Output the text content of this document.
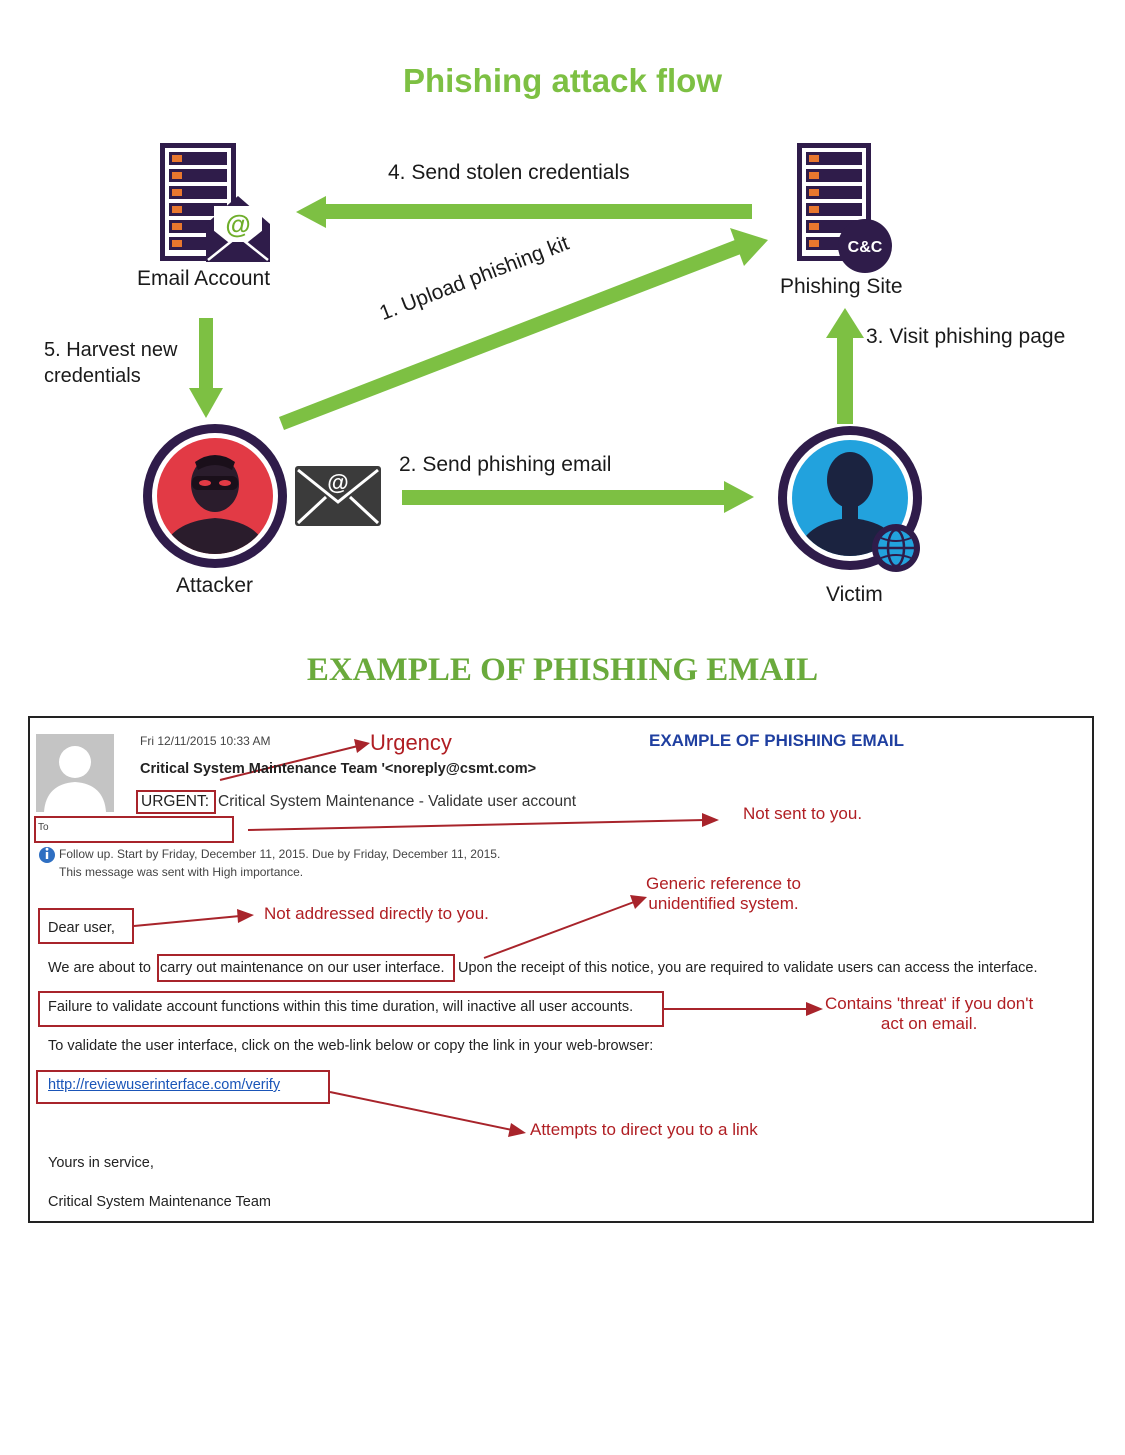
@
C&C
@
Phishing attack flow
Email Account	Phishing Site
Attacker	Victim
4. Send stolen credentials
1. Upload phishing kit
2. Send phishing email
3. Visit phishing page
5. Harvest new
credentials
EXAMPLE OF PHISHING EMAIL
Fri 12/11/2015 10:33 AM
Critical System Maintenance Team '<noreply@csmt.com>
EXAMPLE OF PHISHING EMAIL
URGENT: Critical System Maintenance - Validate user account
To
Follow up. Start by Friday, December 11, 2015. Due by Friday, December 11, 2015.
This message was sent with High importance.
Dear user,
We are about to carry out maintenance on our user interface. Upon the receipt of this notice, you are required to validate users can access the interface.
Failure to validate account functions within this time duration, will inactive all user accounts.
To validate the user interface, click on the web-link below or copy the link in your web-browser:
http://reviewuserinterface.com/verify
Yours in service,
Critical System Maintenance Team
Urgency
Not sent to you.
Generic reference to
unidentified system.
Not addressed directly to you.
Contains 'threat' if you don't
act on email.
Attempts to direct you to a link
